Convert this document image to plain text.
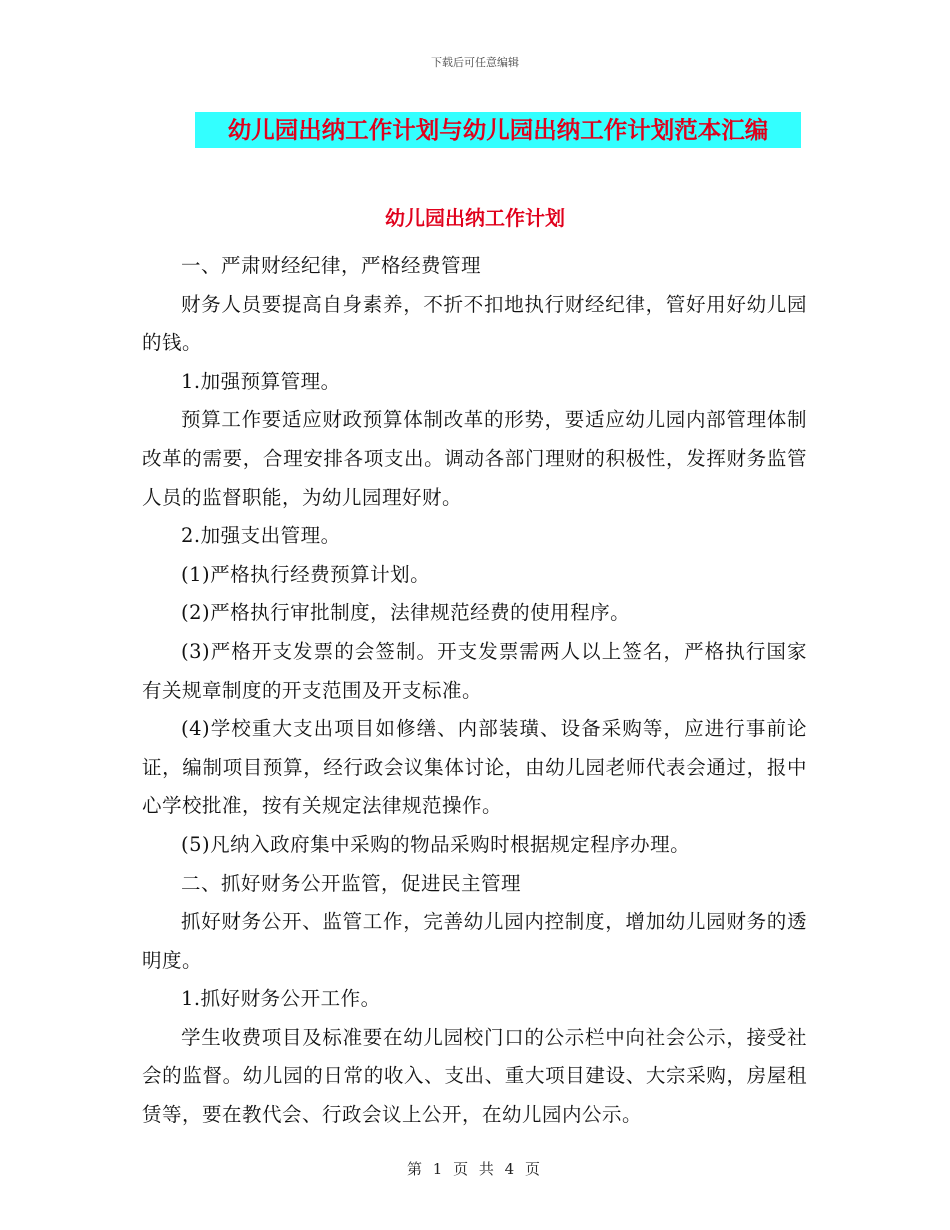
下载后可任意编辑
幼儿园出纳工作计划与幼儿园出纳工作计划范本汇编
幼儿园出纳工作计划

一、严肃财经纪律，严格经费管理

财务人员要提高自身素养，不折不扣地执行财经纪律，管好用好幼儿园的钱。

1.加强预算管理。

预算工作要适应财政预算体制改革的形势，要适应幼儿园内部管理体制改革的需要，合理安排各项支出。调动各部门理财的积极性，发挥财务监管人员的监督职能，为幼儿园理好财。

2.加强支出管理。

(1)严格执行经费预算计划。

(2)严格执行审批制度，法律规范经费的使用程序。

(3)严格开支发票的会签制。开支发票需两人以上签名，严格执行国家有关规章制度的开支范围及开支标准。

(4)学校重大支出项目如修缮、内部装璜、设备采购等，应进行事前论证，编制项目预算，经行政会议集体讨论，由幼儿园老师代表会通过，报中心学校批准，按有关规定法律规范操作。

(5)凡纳入政府集中采购的物品采购时根据规定程序办理。

二、抓好财务公开监管，促进民主管理

抓好财务公开、监管工作，完善幼儿园内控制度，增加幼儿园财务的透明度。

1.抓好财务公开工作。

学生收费项目及标准要在幼儿园校门口的公示栏中向社会公示，接受社会的监督。幼儿园的日常的收入、支出、重大项目建设、大宗采购，房屋租赁等，要在教代会、行政会议上公开，在幼儿园内公示。

第 1 页 共 4 页
